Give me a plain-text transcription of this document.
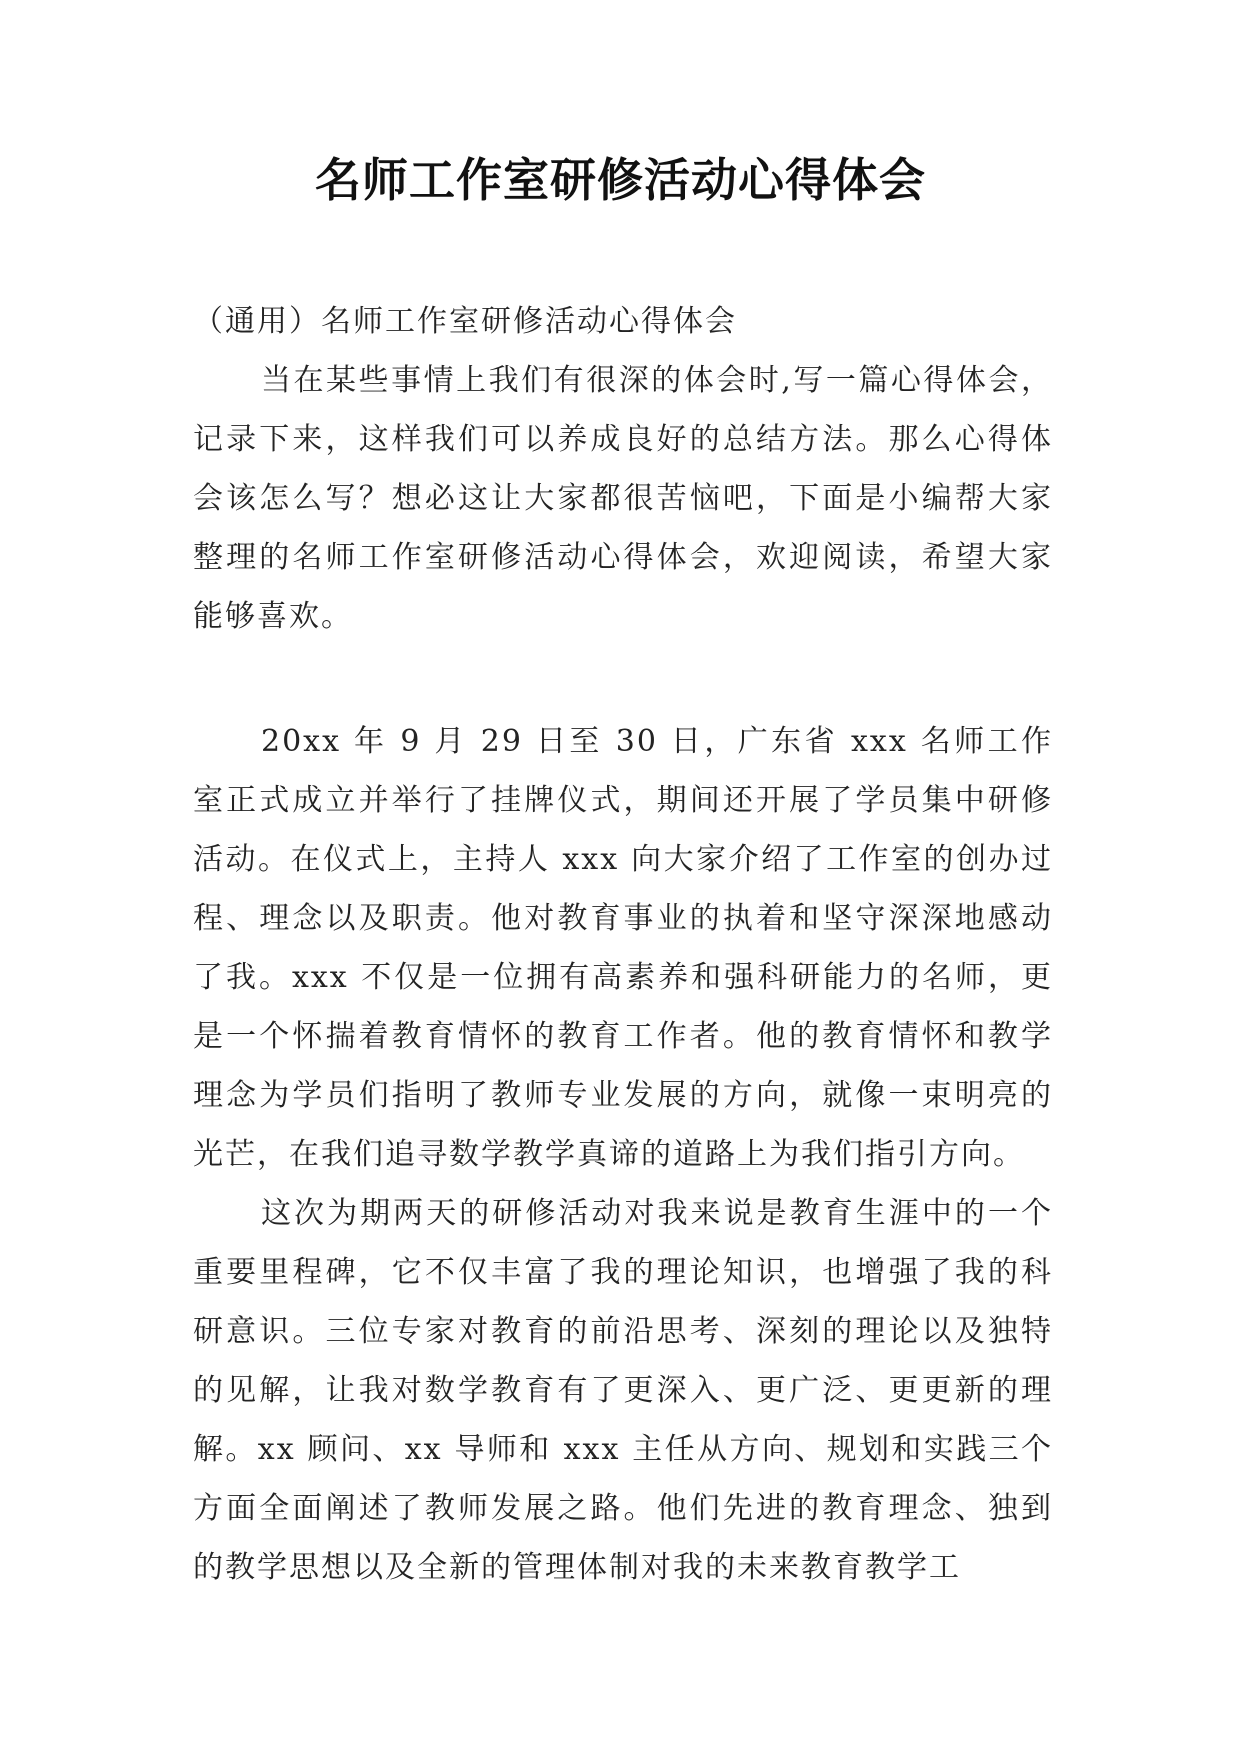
名师工作室研修活动心得体会

（通用）名师工作室研修活动心得体会

当在某些事情上我们有很深的体会时,写一篇心得体会，记录下来，这样我们可以养成良好的总结方法。那么心得体会该怎么写？想必这让大家都很苦恼吧，下面是小编帮大家整理的名师工作室研修活动心得体会，欢迎阅读，希望大家能够喜欢。

20xx 年 9 月 29 日至 30 日，广东省 xxx 名师工作室正式成立并举行了挂牌仪式，期间还开展了学员集中研修活动。在仪式上，主持人 xxx 向大家介绍了工作室的创办过程、理念以及职责。他对教育事业的执着和坚守深深地感动了我。xxx 不仅是一位拥有高素养和强科研能力的名师，更是一个怀揣着教育情怀的教育工作者。他的教育情怀和教学理念为学员们指明了教师专业发展的方向，就像一束明亮的光芒，在我们追寻数学教学真谛的道路上为我们指引方向。

这次为期两天的研修活动对我来说是教育生涯中的一个重要里程碑，它不仅丰富了我的理论知识，也增强了我的科研意识。三位专家对教育的前沿思考、深刻的理论以及独特的见解，让我对数学教育有了更深入、更广泛、更更新的理解。xx 顾问、xx 导师和 xxx 主任从方向、规划和实践三个方面全面阐述了教师发展之路。他们先进的教育理念、独到的教学思想以及全新的管理体制对我的未来教育教学工
